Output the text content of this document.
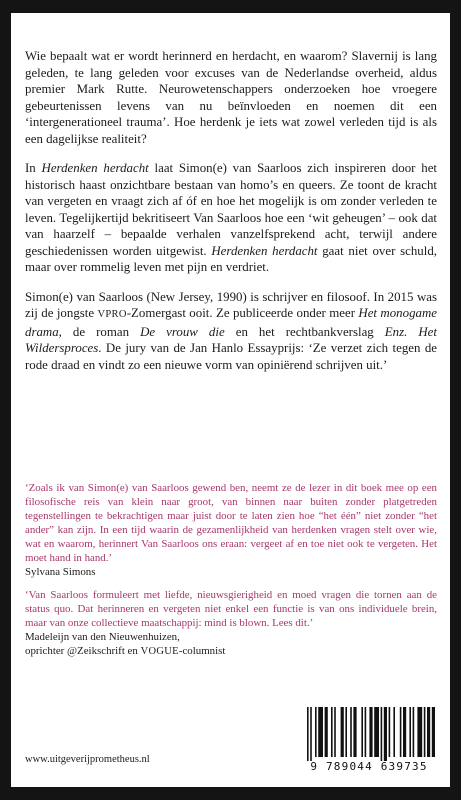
Wie bepaalt wat er wordt herinnerd en herdacht, en waarom? Slavernij is lang geleden, te lang geleden voor excuses van de Nederlandse overheid, aldus premier Mark Rutte. Neurowetenschappers onderzoeken hoe vroegere gebeurtenissen levens van nu beïnvloeden en noemen dit een ‘intergenerationeel trauma’. Hoe herdenk je iets wat zowel verleden tijd is als een dagelijkse realiteit?

In Herdenken herdacht laat Simon(e) van Saarloos zich inspireren door het historisch haast onzichtbare bestaan van homo’s en queers. Ze toont de kracht van vergeten en vraagt zich af óf en hoe het mogelijk is om zonder verleden te leven. Tegelijkertijd bekritiseert Van Saarloos hoe een ‘wit geheugen’ – ook dat van haarzelf – bepaalde verhalen vanzelfsprekend acht, terwijl andere geschiedenissen worden uitgewist. Herdenken herdacht gaat niet over schuld, maar over rommelig leven met pijn en verdriet.

Simon(e) van Saarloos (New Jersey, 1990) is schrijver en filosoof. In 2015 was zij de jongste VPRO-Zomergast ooit. Ze publiceerde onder meer Het monogame drama, de roman De vrouw die en het rechtbankverslag Enz. Het Wildersproces. De jury van de Jan Hanlo Essayprijs: ‘Ze verzet zich tegen de rode draad en vindt zo een nieuwe vorm van opiniërend schrijven uit.’

‘Zoals ik van Simon(e) van Saarloos gewend ben, neemt ze de lezer in dit boek mee op een filosofische reis van klein naar groot, van binnen naar buiten zonder platgetreden tegenstellingen te bekrachtigen maar juist door te laten zien hoe “het één” niet zonder “het ander” kan zijn. In een tijd waarin de gezamenlijkheid van herdenken vragen stelt over wie, wat en waarom, herinnert Van Saarloos ons eraan: vergeet af en toe niet ook te vergeten. Het moet hand in hand.’

Sylvana Simons

‘Van Saarloos formuleert met liefde, nieuwsgierigheid en moed vragen die tornen aan de status quo. Dat herinneren en vergeten niet enkel een functie is van ons individuele brein, maar van onze collectieve maatschappij: mind is blown. Lees dit.’

Madeleijn van den Nieuwenhuizen,
oprichter @Zeikschrift en VOGUE-columnist

www.uitgeverijprometheus.nl
9 789044 639735
